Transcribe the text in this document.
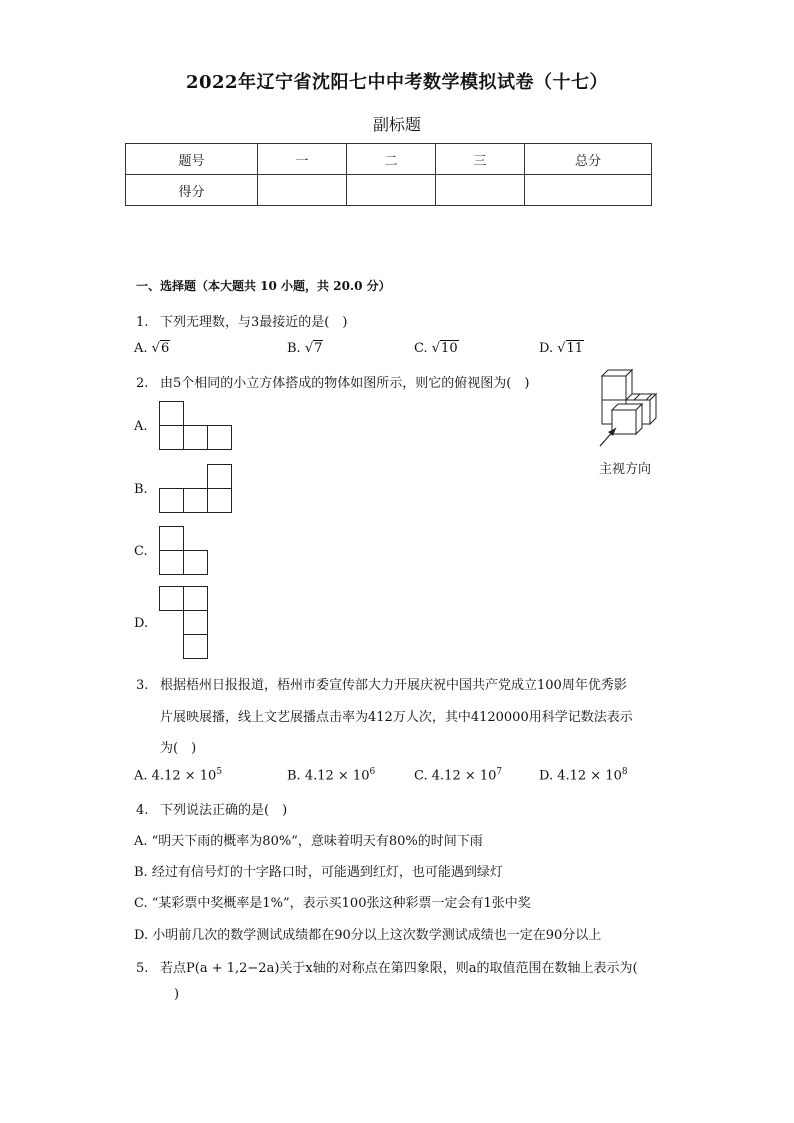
2022年辽宁省沈阳七中中考数学模拟试卷（十七）
副标题
题号	一	二	三	总分
得分				
一、选择题（本大题共 10 小题，共 20.0 分）
1. 下列无理数，与3最接近的是(　)
A. √6	B. √7	C. √10	D. √11
2. 由5个相同的小立方体搭成的物体如图所示，则它的俯视图为(　)
主视方向
A.
B.
C.
D.
3. 根据梧州日报报道，梧州市委宣传部大力开展庆祝中国共产党成立100周年优秀影
片展映展播，线上文艺展播点击率为412万人次，其中4120000用科学记数法表示
为(　)
A. $4.12 \times 10^5$	B. $4.12 \times 10^6$	C. $4.12 \times 10^7$	D. $4.12 \times 10^8$
4. 下列说法正确的是(　)
A. “明天下雨的概率为80%”，意味着明天有80%的时间下雨
B. 经过有信号灯的十字路口时，可能遇到红灯，也可能遇到绿灯
C. “某彩票中奖概率是1%”，表示买100张这种彩票一定会有1张中奖
D. 小明前几次的数学测试成绩都在90分以上这次数学测试成绩也一定在90分以上
5. 若点P(a + 1,2−2a)关于x轴的对称点在第四象限，则a的取值范围在数轴上表示为(
)
